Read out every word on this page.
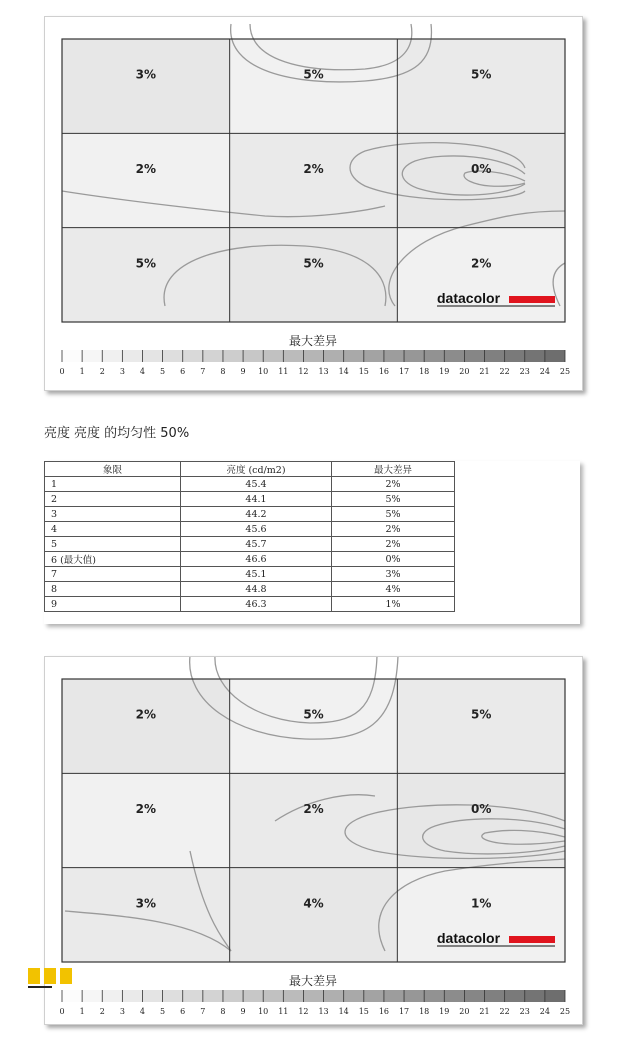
3%	5%	5%
2%	2%	0%
5%	5%	2%
datacolor
最大差异
0 1 2 3 4 5 6 7 8 9 10 11 12 13 14 15 16 17 18 19 20 21 22 23 24 25
亮度 亮度 的均匀性 50%
象限	亮度 (cd/m2)	最大差异
1	45.4	2%
2	44.1	5%
3	44.2	5%
4	45.6	2%
5	45.7	2%
6 (最大值)	46.6	0%
7	45.1	3%
8	44.8	4%
9	46.3	1%
2%	5%	5%
2%	2%	0%
3%	4%	1%
datacolor
最大差异
0 1 2 3 4 5 6 7 8 9 10 11 12 13 14 15 16 17 18 19 20 21 22 23 24 25
